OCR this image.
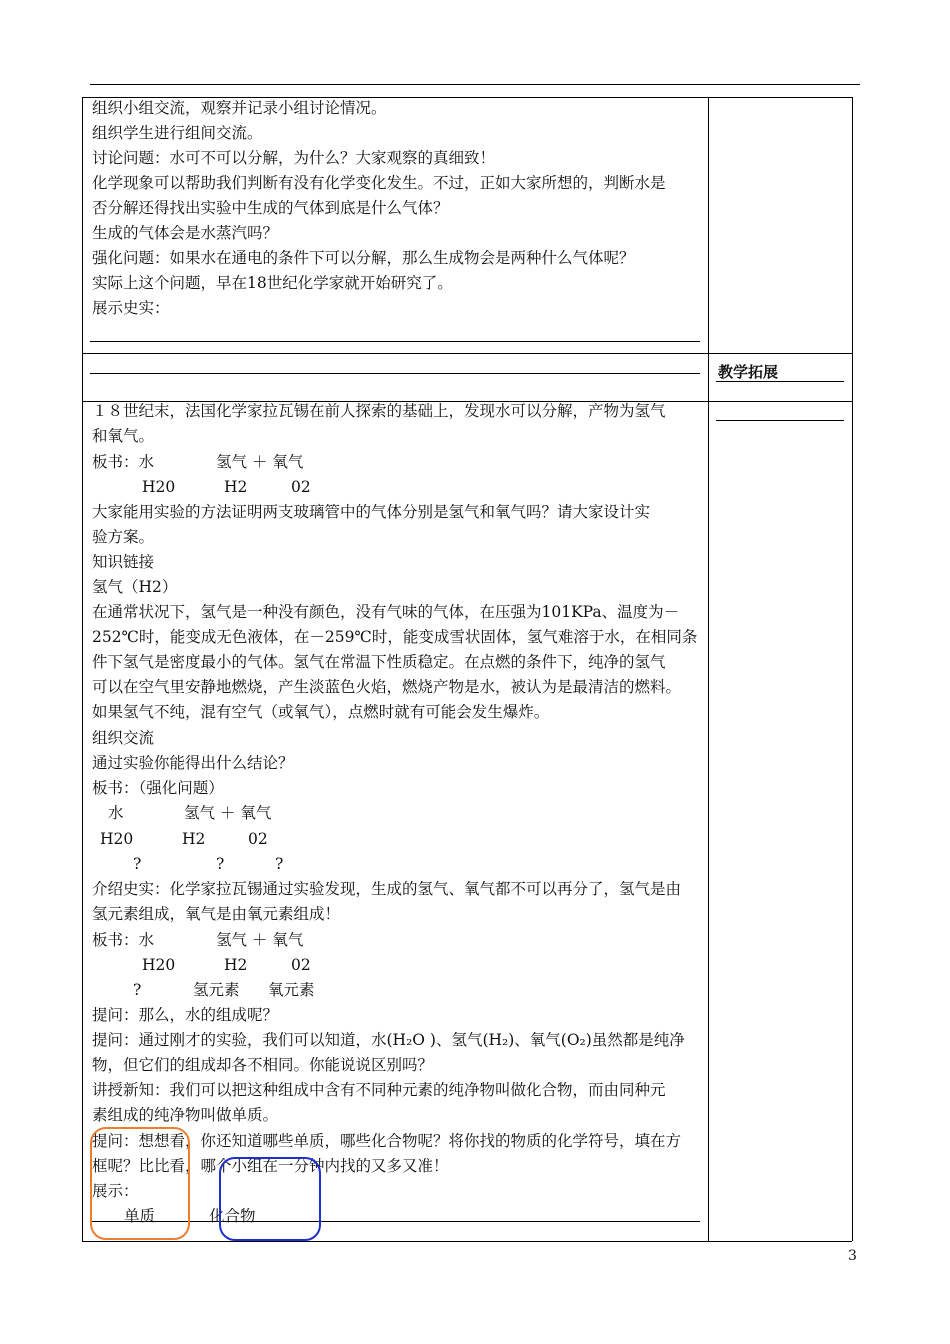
组织小组交流，观察并记录小组讨论情况。
组织学生进行组间交流。
讨论问题：水可不可以分解，为什么？大家观察的真细致！
化学现象可以帮助我们判断有没有化学变化发生。不过，正如大家所想的，判断水是
否分解还得找出实验中生成的气体到底是什么气体？
生成的气体会是水蒸汽吗？
强化问题：如果水在通电的条件下可以分解，那么生成物会是两种什么气体呢？
实际上这个问题，早在18世纪化学家就开始研究了。
展示史实：
教学拓展
１８世纪末，法国化学家拉瓦锡在前人探索的基础上，发现水可以分解，产物为氢气
和氧气。
板书：水	氢气 ＋ 氧气
H20	H2	02
大家能用实验的方法证明两支玻璃管中的气体分别是氢气和氧气吗？请大家设计实
验方案。
知识链接
氢气（H2）
在通常状况下，氢气是一种没有颜色，没有气味的气体，在压强为101KPa、温度为－
252℃时，能变成无色液体，在－259℃时，能变成雪状固体，氢气难溶于水，在相同条
件下氢气是密度最小的气体。氢气在常温下性质稳定。在点燃的条件下，纯净的氢气
可以在空气里安静地燃烧，产生淡蓝色火焰，燃烧产物是水，被认为是最清洁的燃料。
如果氢气不纯，混有空气（或氧气），点燃时就有可能会发生爆炸。
组织交流
通过实验你能得出什么结论？
板书：（强化问题）
水	氢气 ＋ 氧气
H20	H2	02
?	?	?
介绍史实：化学家拉瓦锡通过实验发现，生成的氢气、氧气都不可以再分了，氢气是由
氢元素组成，氧气是由氧元素组成！
板书：水	氢气 ＋ 氧气
H20	H2	02
?	氢元素 氧元素
提问：那么，水的组成呢？
提问：通过刚才的实验，我们可以知道，水(H₂O )、氢气(H₂)、氧气(O₂)虽然都是纯净
物，但它们的组成却各不相同。你能说说区别吗？
讲授新知：我们可以把这种组成中含有不同种元素的纯净物叫做化合物，而由同种元
素组成的纯净物叫做单质。
提问：想想看，你还知道哪些单质，哪些化合物呢？将你找的物质的化学符号，填在方
框呢？比比看，哪个小组在一分钟内找的又多又准！
展示：
单质	化合物
3
